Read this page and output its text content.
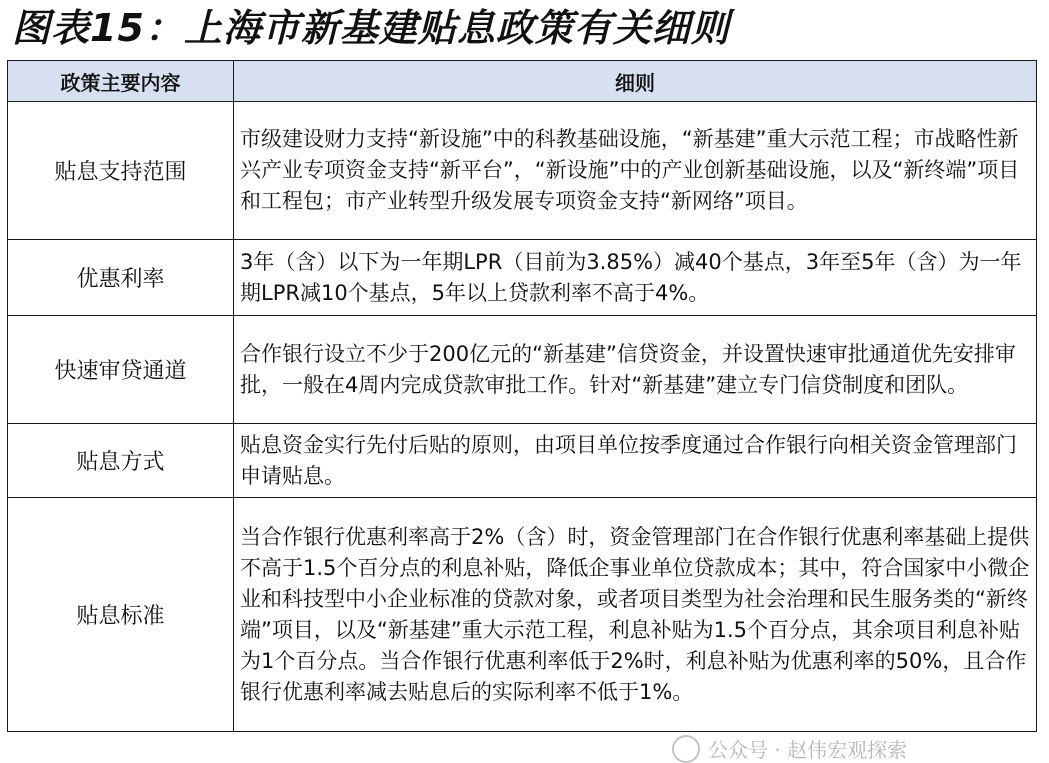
图表15：上海市新基建贴息政策有关细则
政策主要内容	细则
贴息支持范围	市级建设财力支持“新设施”中的科教基础设施，“新基建”重大示范工程；市战略性新兴产业专项资金支持“新平台”，“新设施”中的产业创新基础设施，以及“新终端”项目和工程包；市产业转型升级发展专项资金支持“新网络”项目。
优惠利率	3年（含）以下为一年期LPR（目前为3.85%）减40个基点，3年至5年（含）为一年期LPR减10个基点，5年以上贷款利率不高于4%。
快速审贷通道	合作银行设立不少于200亿元的“新基建”信贷资金，并设置快速审批通道优先安排审批，一般在4周内完成贷款审批工作。针对“新基建”建立专门信贷制度和团队。
贴息方式	贴息资金实行先付后贴的原则，由项目单位按季度通过合作银行向相关资金管理部门申请贴息。
贴息标准	当合作银行优惠利率高于2%（含）时，资金管理部门在合作银行优惠利率基础上提供不高于1.5个百分点的利息补贴，降低企事业单位贷款成本；其中，符合国家中小微企业和科技型中小企业标准的贷款对象，或者项目类型为社会治理和民生服务类的“新终端”项目，以及“新基建”重大示范工程，利息补贴为1.5个百分点，其余项目利息补贴为1个百分点。当合作银行优惠利率低于2%时，利息补贴为优惠利率的50%，且合作银行优惠利率减去贴息后的实际利率不低于1%。
公众号 · 赵伟宏观探索
